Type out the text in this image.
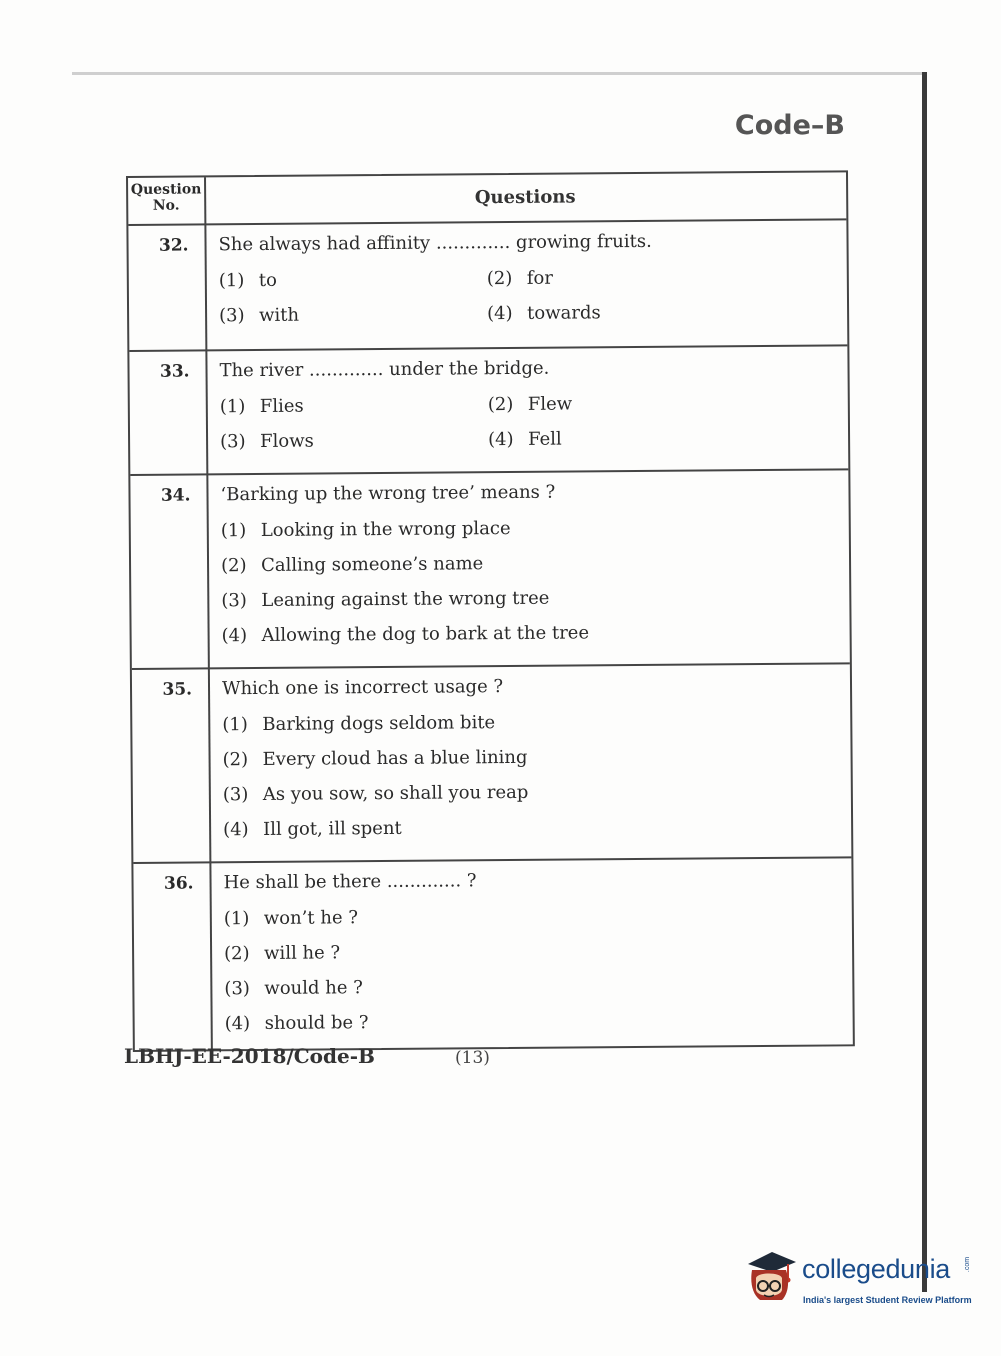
Code–B
Question
No.	Questions
32.	She always had affinity ............. growing fruits.
(1) to	(2) for
(3) with	(4) towards
33.	The river ............. under the bridge.
(1) Flies	(2) Flew
(3) Flows	(4) Fell
34.	‘Barking up the wrong tree’ means ?
(1) Looking in the wrong place
(2) Calling someone’s name
(3) Leaning against the wrong tree
(4) Allowing the dog to bark at the tree
35.	Which one is incorrect usage ?
(1) Barking dogs seldom bite
(2) Every cloud has a blue lining
(3) As you sow, so shall you reap
(4) Ill got, ill spent
36.	He shall be there ............. ?
(1) won’t he ?
(2) will he ?
(3) would he ?
(4) should be ?
LBHJ-EE-2018/Code-B	(13)
collegedunia .com
India's largest Student Review Platform
